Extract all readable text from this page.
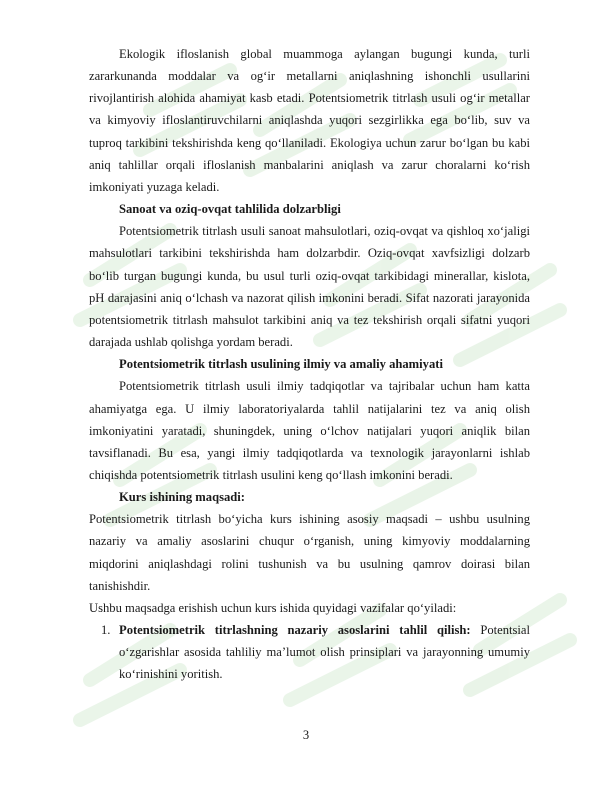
Ekologik ifloslanish global muammoga aylangan bugungi kunda, turli zararkunanda moddalar va og‘ir metallarni aniqlashning ishonchli usullarini rivojlantirish alohida ahamiyat kasb etadi. Potentsiometrik titrlash usuli og‘ir metallar va kimyoviy ifloslantiruvchilarni aniqlashda yuqori sezgirlikka ega bo‘lib, suv va tuproq tarkibini tekshirishda keng qo‘llaniladi. Ekologiya uchun zarur bo‘lgan bu kabi aniq tahlillar orqali ifloslanish manbalarini aniqlash va zarur choralarni ko‘rish imkoniyati yuzaga keladi.

Sanoat va oziq-ovqat tahlilida dolzarbligi

Potentsiometrik titrlash usuli sanoat mahsulotlari, oziq-ovqat va qishloq xo‘jaligi mahsulotlari tarkibini tekshirishda ham dolzarbdir. Oziq-ovqat xavfsizligi dolzarb bo‘lib turgan bugungi kunda, bu usul turli oziq-ovqat tarkibidagi minerallar, kislota, pH darajasini aniq o‘lchash va nazorat qilish imkonini beradi. Sifat nazorati jarayonida potentsiometrik titrlash mahsulot tarkibini aniq va tez tekshirish orqali sifatni yuqori darajada ushlab qolishga yordam beradi.

Potentsiometrik titrlash usulining ilmiy va amaliy ahamiyati

Potentsiometrik titrlash usuli ilmiy tadqiqotlar va tajribalar uchun ham katta ahamiyatga ega. U ilmiy laboratoriyalarda tahlil natijalarini tez va aniq olish imkoniyatini yaratadi, shuningdek, uning o‘lchov natijalari yuqori aniqlik bilan tavsiflanadi. Bu esa, yangi ilmiy tadqiqotlarda va texnologik jarayonlarni ishlab chiqishda potentsiometrik titrlash usulini keng qo‘llash imkonini beradi.

Kurs ishining maqsadi:

Potentsiometrik titrlash bo‘yicha kurs ishining asosiy maqsadi – ushbu usulning nazariy va amaliy asoslarini chuqur o‘rganish, uning kimyoviy moddalarning miqdorini aniqlashdagi rolini tushunish va bu usulning qamrov doirasi bilan tanishishdir.

Ushbu maqsadga erishish uchun kurs ishida quyidagi vazifalar qo‘yiladi:

1. Potentsiometrik titrlashning nazariy asoslarini tahlil qilish: Potentsial o‘zgarishlar asosida tahliliy ma’lumot olish prinsiplari va jarayonning umumiy ko‘rinishini yoritish.
3
